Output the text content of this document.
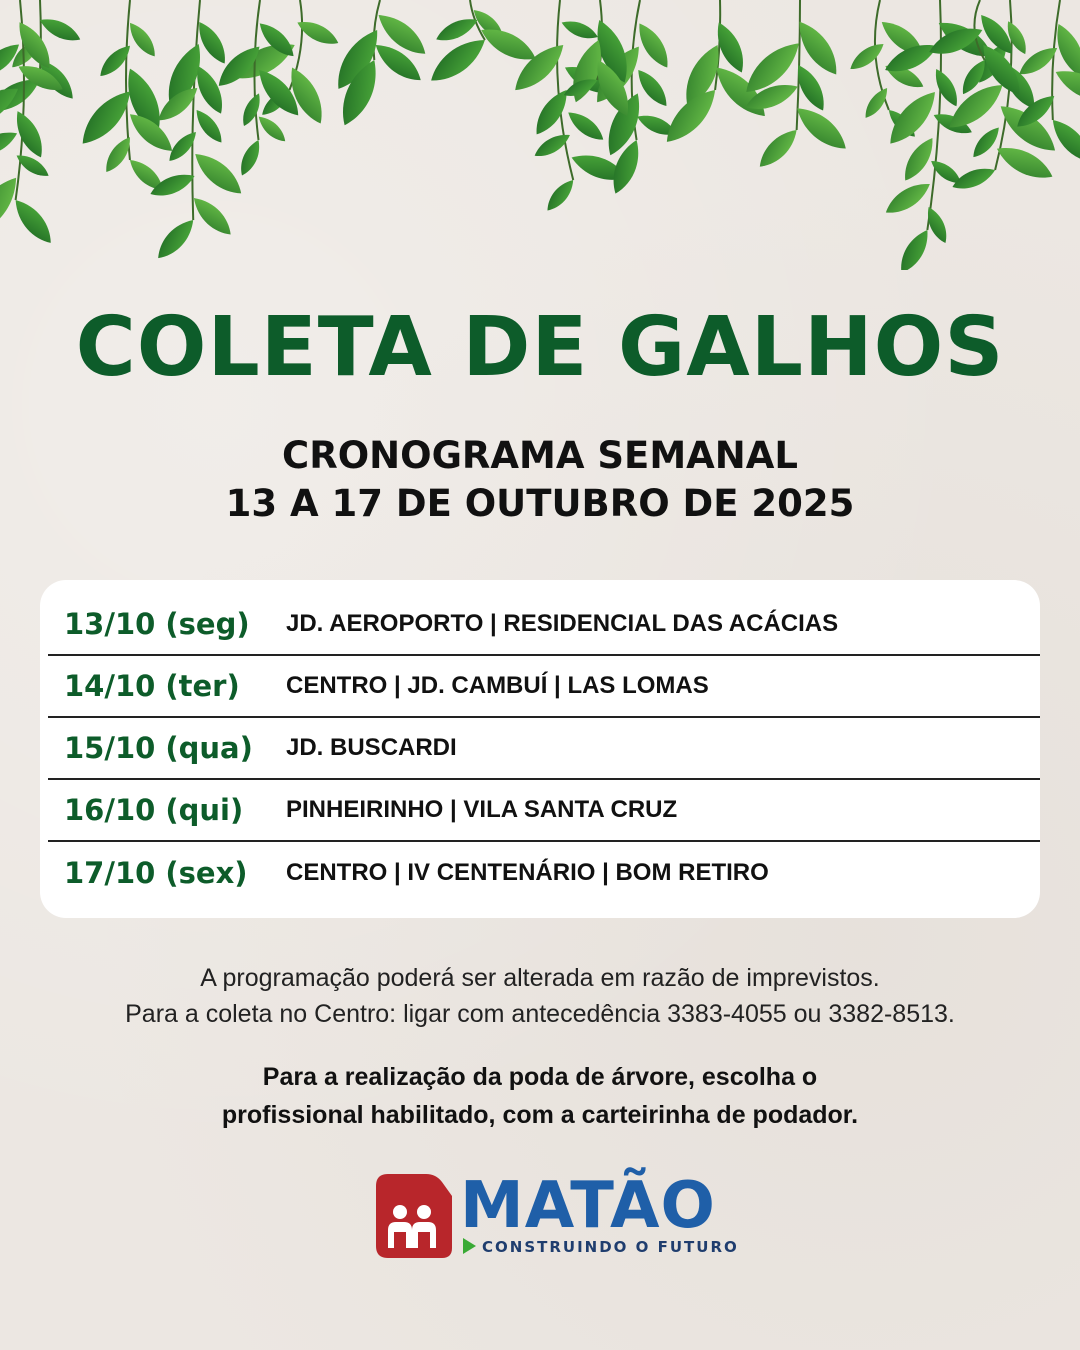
COLETA DE GALHOS
CRONOGRAMA SEMANAL
13 A 17 DE OUTUBRO DE 2025
13/10 (seg)	JD. AEROPORTO | RESIDENCIAL DAS ACÁCIAS
14/10 (ter)	CENTRO | JD. CAMBUÍ | LAS LOMAS
15/10 (qua)	JD. BUSCARDI
16/10 (qui)	PINHEIRINHO | VILA SANTA CRUZ
17/10 (sex)	CENTRO | IV CENTENÁRIO | BOM RETIRO
A programação poderá ser alterada em razão de imprevistos.
Para a coleta no Centro: ligar com antecedência 3383-4055 ou 3382-8513.
Para a realização da poda de árvore, escolha o
profissional habilitado, com a carteirinha de podador.
MATÃO
CONSTRUINDO O FUTURO
